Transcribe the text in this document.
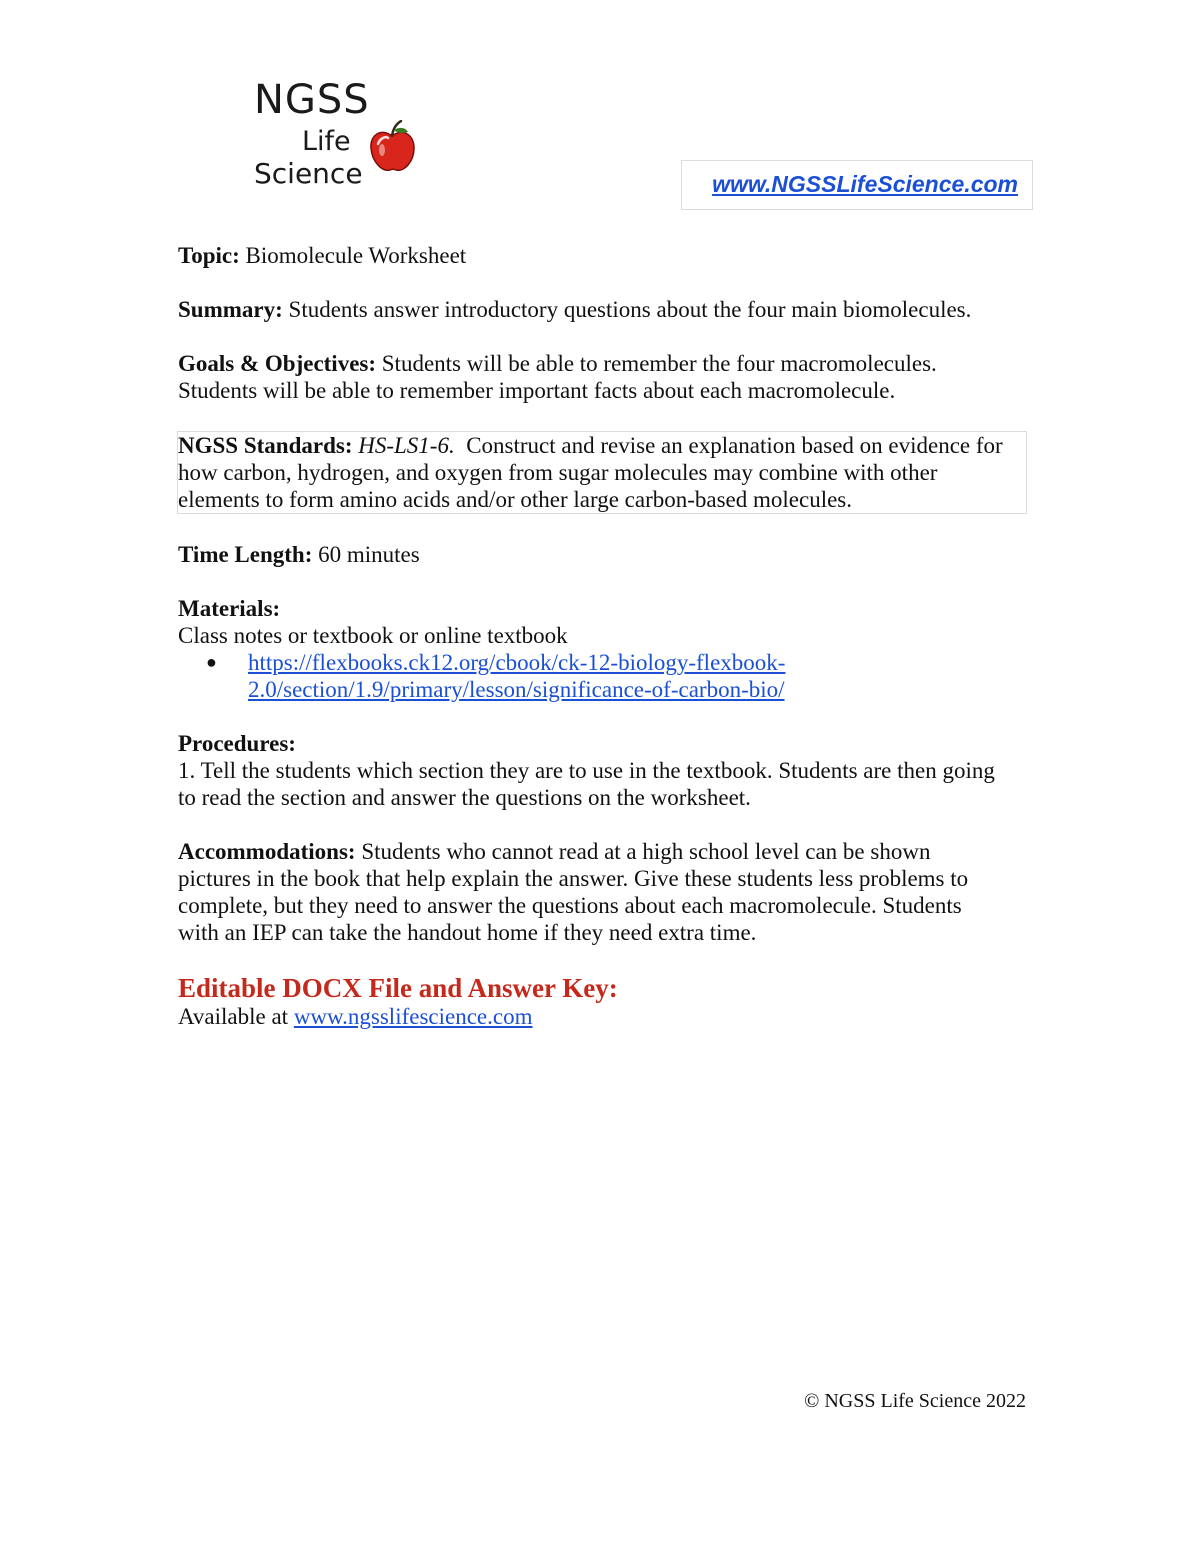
NGSS
Life
Science	www.NGSSLifeScience.com

Topic: Biomolecule Worksheet

Summary: Students answer introductory questions about the four main biomolecules.

Goals & Objectives: Students will be able to remember the four macromolecules.
Students will be able to remember important facts about each macromolecule.

NGSS Standards: HS-LS1-6. Construct and revise an explanation based on evidence for
how carbon, hydrogen, and oxygen from sugar molecules may combine with other
elements to form amino acids and/or other large carbon-based molecules.

Time Length: 60 minutes

Materials:
Class notes or textbook or online textbook
●	https://flexbooks.ck12.org/cbook/ck-12-biology-flexbook-
2.0/section/1.9/primary/lesson/significance-of-carbon-bio/

Procedures:
1. Tell the students which section they are to use in the textbook. Students are then going
to read the section and answer the questions on the worksheet.

Accommodations: Students who cannot read at a high school level can be shown
pictures in the book that help explain the answer. Give these students less problems to
complete, but they need to answer the questions about each macromolecule. Students
with an IEP can take the handout home if they need extra time.

Editable DOCX File and Answer Key:
Available at www.ngsslifescience.com
© NGSS Life Science 2022
